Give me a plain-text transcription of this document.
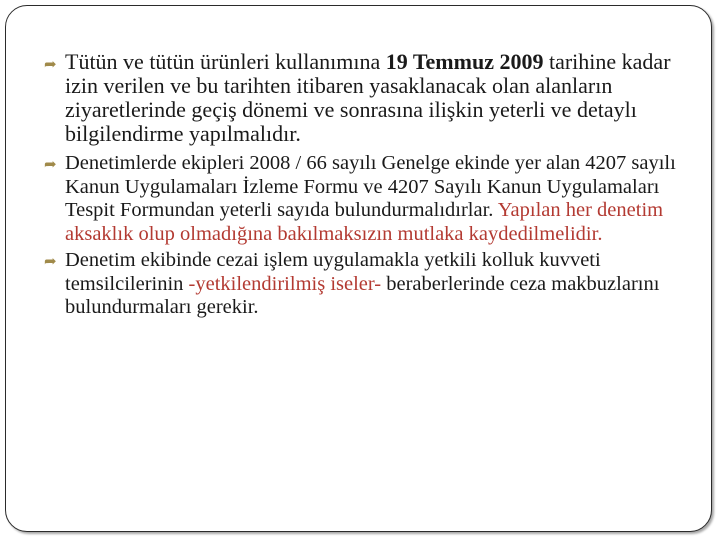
➦ Tütün ve tütün ürünleri kullanımına 19 Temmuz 2009 tarihine kadar izin verilen ve bu tarihten itibaren yasaklanacak olan alanların ziyaretlerinde geçiş dönemi ve sonrasına ilişkin yeterli ve detaylı bilgilendirme yapılmalıdır.
➦ Denetimlerde ekipleri 2008 / 66 sayılı Genelge ekinde yer alan 4207 sayılı Kanun Uygulamaları İzleme Formu ve 4207 Sayılı Kanun Uygulamaları Tespit Formundan yeterli sayıda bulundurmalıdırlar. Yapılan her denetim aksaklık olup olmadığına bakılmaksızın mutlaka kaydedilmelidir.
➦ Denetim ekibinde cezai işlem uygulamakla yetkili kolluk kuvveti temsilcilerinin -yetkilendirilmiş iseler- beraberlerinde ceza makbuzlarını bulundurmaları gerekir.
